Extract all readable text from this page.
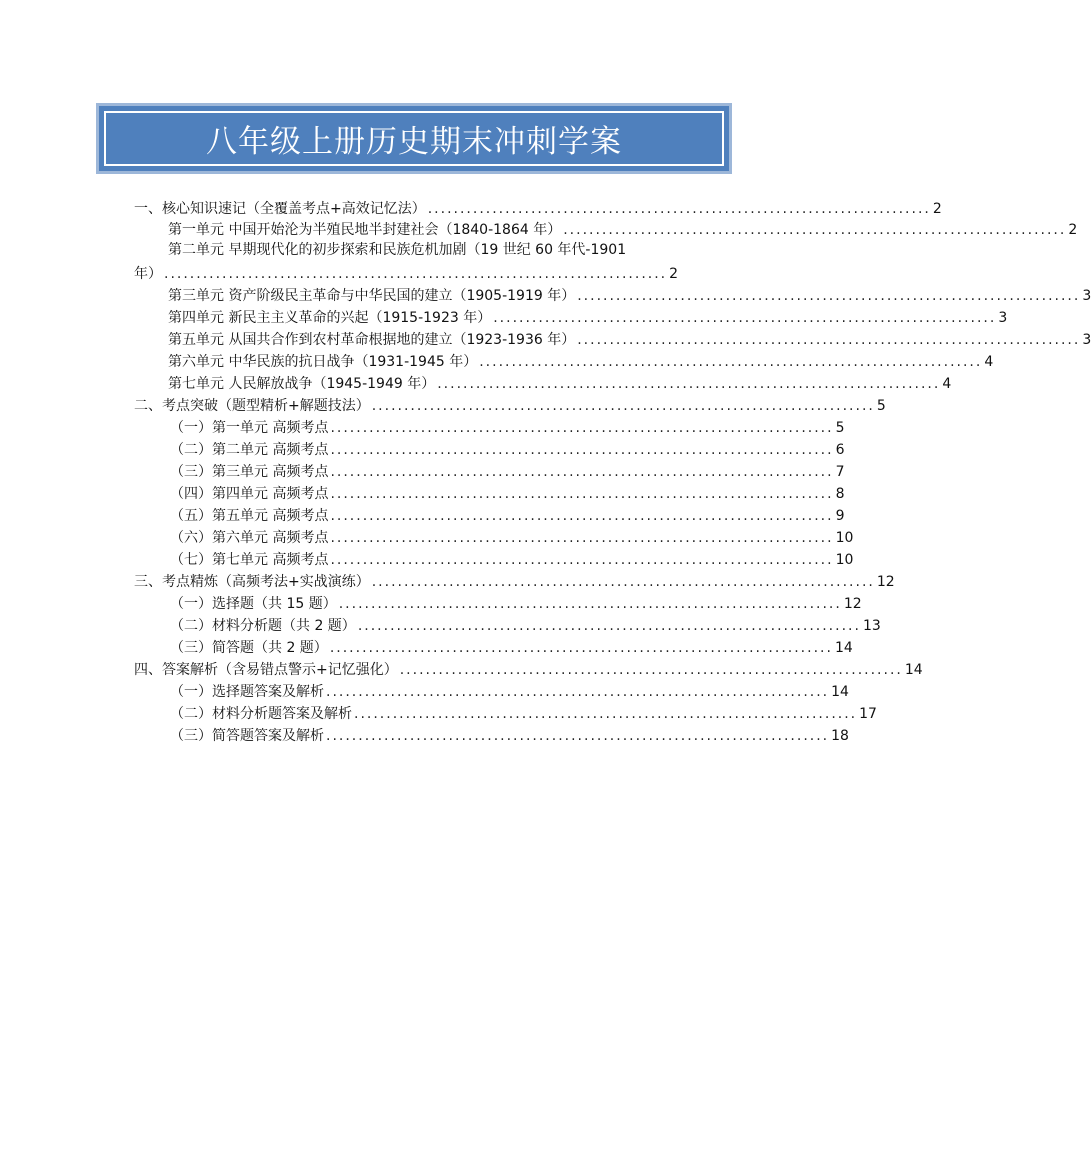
八年级上册历史期末冲刺学案
一、核心知识速记（全覆盖考点+高效记忆法） .............................................................................. 2
第一单元 中国开始沦为半殖民地半封建社会（1840-1864 年） .............................................................................. 2
第二单元 早期现代化的初步探索和民族危机加剧（19 世纪 60 年代-1901
年） .............................................................................. 2
第三单元 资产阶级民主革命与中华民国的建立（1905-1919 年） .............................................................................. 3
第四单元 新民主主义革命的兴起（1915-1923 年） .............................................................................. 3
第五单元 从国共合作到农村革命根据地的建立（1923-1936 年） .............................................................................. 3
第六单元 中华民族的抗日战争（1931-1945 年） .............................................................................. 4
第七单元 人民解放战争（1945-1949 年） .............................................................................. 4
二、考点突破（题型精析+解题技法） .............................................................................. 5
（一）第一单元 高频考点 .............................................................................. 5
（二）第二单元 高频考点 .............................................................................. 6
（三）第三单元 高频考点 .............................................................................. 7
（四）第四单元 高频考点 .............................................................................. 8
（五）第五单元 高频考点 .............................................................................. 9
（六）第六单元 高频考点 .............................................................................. 10
（七）第七单元 高频考点 .............................................................................. 10
三、考点精炼（高频考法+实战演练） .............................................................................. 12
（一）选择题（共 15 题） .............................................................................. 12
（二）材料分析题（共 2 题） .............................................................................. 13
（三）简答题（共 2 题） .............................................................................. 14
四、答案解析（含易错点警示+记忆强化） .............................................................................. 14
（一）选择题答案及解析 .............................................................................. 14
（二）材料分析题答案及解析 .............................................................................. 17
（三）简答题答案及解析 .............................................................................. 18
